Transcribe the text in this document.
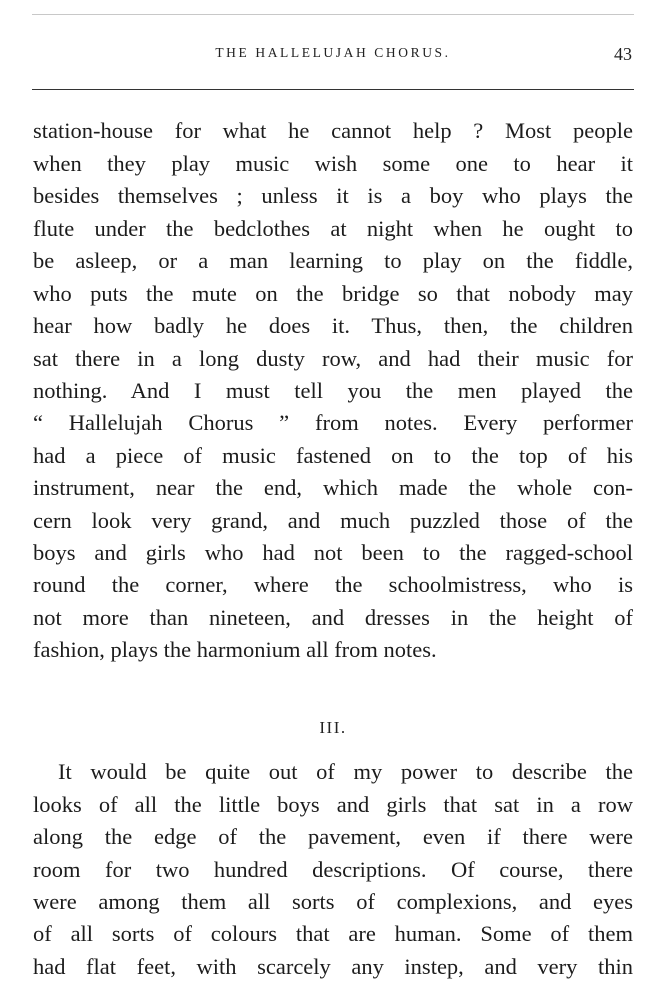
THE HALLELUJAH CHORUS.	43
station-house for what he cannot help ? Most people
when they play music wish some one to hear it
besides themselves ; unless it is a boy who plays the
flute under the bedclothes at night when he ought to
be asleep, or a man learning to play on the fiddle,
who puts the mute on the bridge so that nobody may
hear how badly he does it. Thus, then, the children
sat there in a long dusty row, and had their music for
nothing. And I must tell you the men played the
“ Hallelujah Chorus ” from notes. Every performer
had a piece of music fastened on to the top of his
instrument, near the end, which made the whole con-
cern look very grand, and much puzzled those of the
boys and girls who had not been to the ragged-school
round the corner, where the schoolmistress, who is
not more than nineteen, and dresses in the height of
fashion, plays the harmonium all from notes.
III.
It would be quite out of my power to describe the
looks of all the little boys and girls that sat in a row
along the edge of the pavement, even if there were
room for two hundred descriptions. Of course, there
were among them all sorts of complexions, and eyes
of all sorts of colours that are human. Some of them
had flat feet, with scarcely any instep, and very thin
